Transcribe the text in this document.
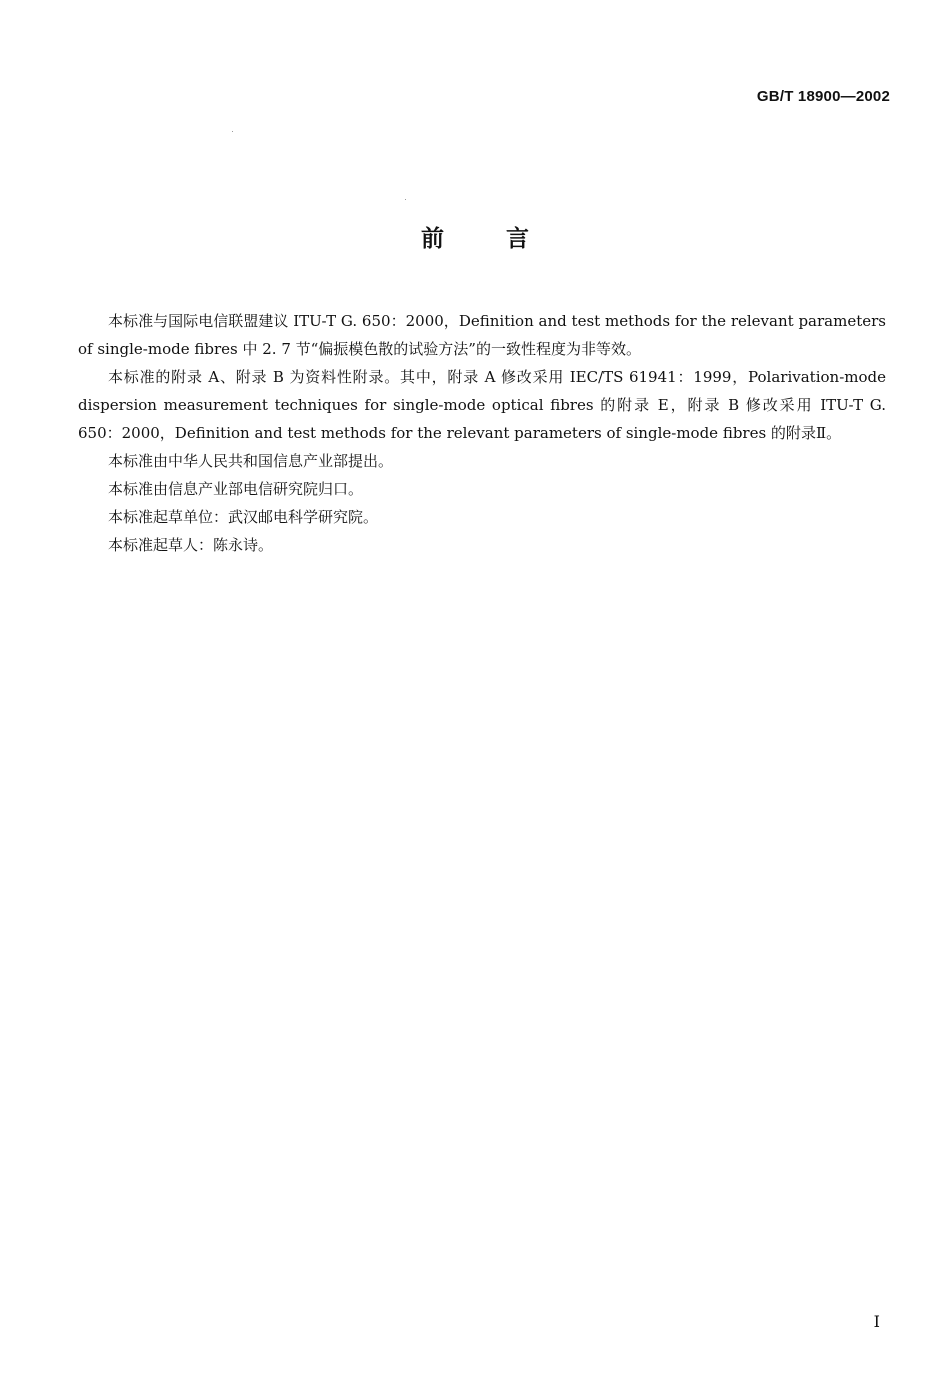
GB/T 18900—2002
前言

本标准与国际电信联盟建议 ITU-T G. 650：2000，Definition and test methods for the relevant parameters of single-mode fibres 中 2. 7 节“偏振模色散的试验方法”的一致性程度为非等效。

本标准的附录 A、附录 B 为资料性附录。其中，附录 A 修改采用 IEC/TS 61941：1999，Polarivation-mode dispersion measurement techniques for single-mode optical fibres 的附录 E，附录 B 修改采用 ITU-T G. 650：2000，Definition and test methods for the relevant parameters of single-mode fibres 的附录Ⅱ。

本标准由中华人民共和国信息产业部提出。

本标准由信息产业部电信研究院归口。

本标准起草单位：武汉邮电科学研究院。

本标准起草人：陈永诗。

I
